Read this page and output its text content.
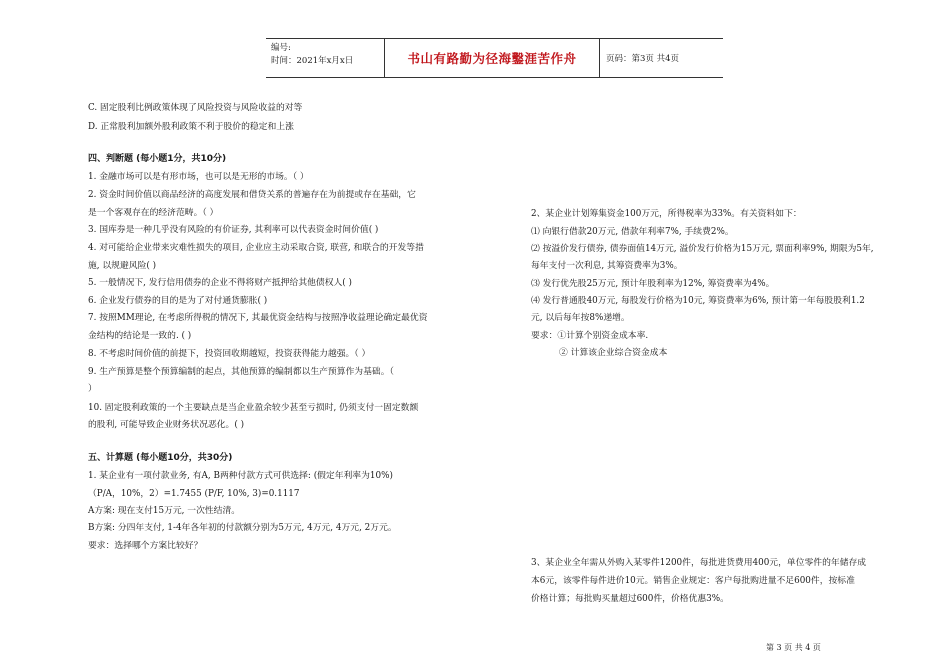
编号:
时间：2021年x月x日	书山有路勤为径海鑿涯苦作舟	页码：第3页 共4页
C. 固定股利比例政策体现了风险投资与风险收益的对等
D. 正常股利加额外股利政策不利于股价的稳定和上涨
四、判断题 (每小题1分，共10分)
1. 金融市场可以是有形市场，也可以是无形的市场。（ ）
2. 资金时间价值以商品经济的高度发展和借贷关系的普遍存在为前提或存在基础，它
是一个客观存在的经济范畴。（ ）
3. 国库券是一种几乎没有风险的有价证券, 其利率可以代表资金时间价值( )
4. 对可能给企业带来灾难性损失的项目, 企业应主动采取合资, 联营, 和联合的开发等措
施, 以规避风险( )
5. 一般情况下, 发行信用债券的企业不得将财产抵押给其他债权人( )
6. 企业发行债券的目的是为了对付通货膨胀( )
7. 按照MM理论, 在考虑所得税的情况下, 其最优资金结构与按照净收益理论确定最优资
金结构的结论是一致的. ( )
8. 不考虑时间价值的前提下，投资回收期越短，投资获得能力越强。（ ）
9. 生产预算是整个预算编制的起点，其他预算的编制都以生产预算作为基础。（
）
10. 固定股利政策的一个主要缺点是当企业盈余较少甚至亏损时, 仍须支付一固定数额
的股利, 可能导致企业财务状况恶化。( )
五、计算题 (每小题10分，共30分)
1. 某企业有一项付款业务, 有A, B两种付款方式可供选择: (假定年利率为10%)
（P/A，10%，2）=1.7455 (P/F, 10%, 3)=0.1117
A方案: 现在支付15万元, 一次性结清。
B方案: 分四年支付, 1-4年各年初的付款额分别为5万元, 4万元, 4万元, 2万元。
要求：选择哪个方案比较好？
2、某企业计划筹集资金100万元，所得税率为33%。有关资料如下：
⑴ 向银行借款20万元, 借款年利率7%, 手续费2%。
⑵ 按溢价发行债券, 债券面值14万元, 溢价发行价格为15万元, 票面利率9%, 期限为5年,
每年支付一次利息, 其筹资费率为3%。
⑶ 发行优先股25万元, 预计年股利率为12%, 筹资费率为4%。
⑷ 发行普通股40万元, 每股发行价格为10元, 筹资费率为6%, 预计第一年每股股利1.2
元, 以后每年按8%递增。
要求：①计算个别资金成本率.
② 计算该企业综合资金成本
3、某企业全年需从外购入某零件1200件，每批进货费用400元，单位零件的年储存成
本6元，该零件每件进价10元。销售企业规定：客户每批购进量不足600件，按标准
价格计算；每批购买量超过600件，价格优惠3%。
第 3 页 共 4 页
